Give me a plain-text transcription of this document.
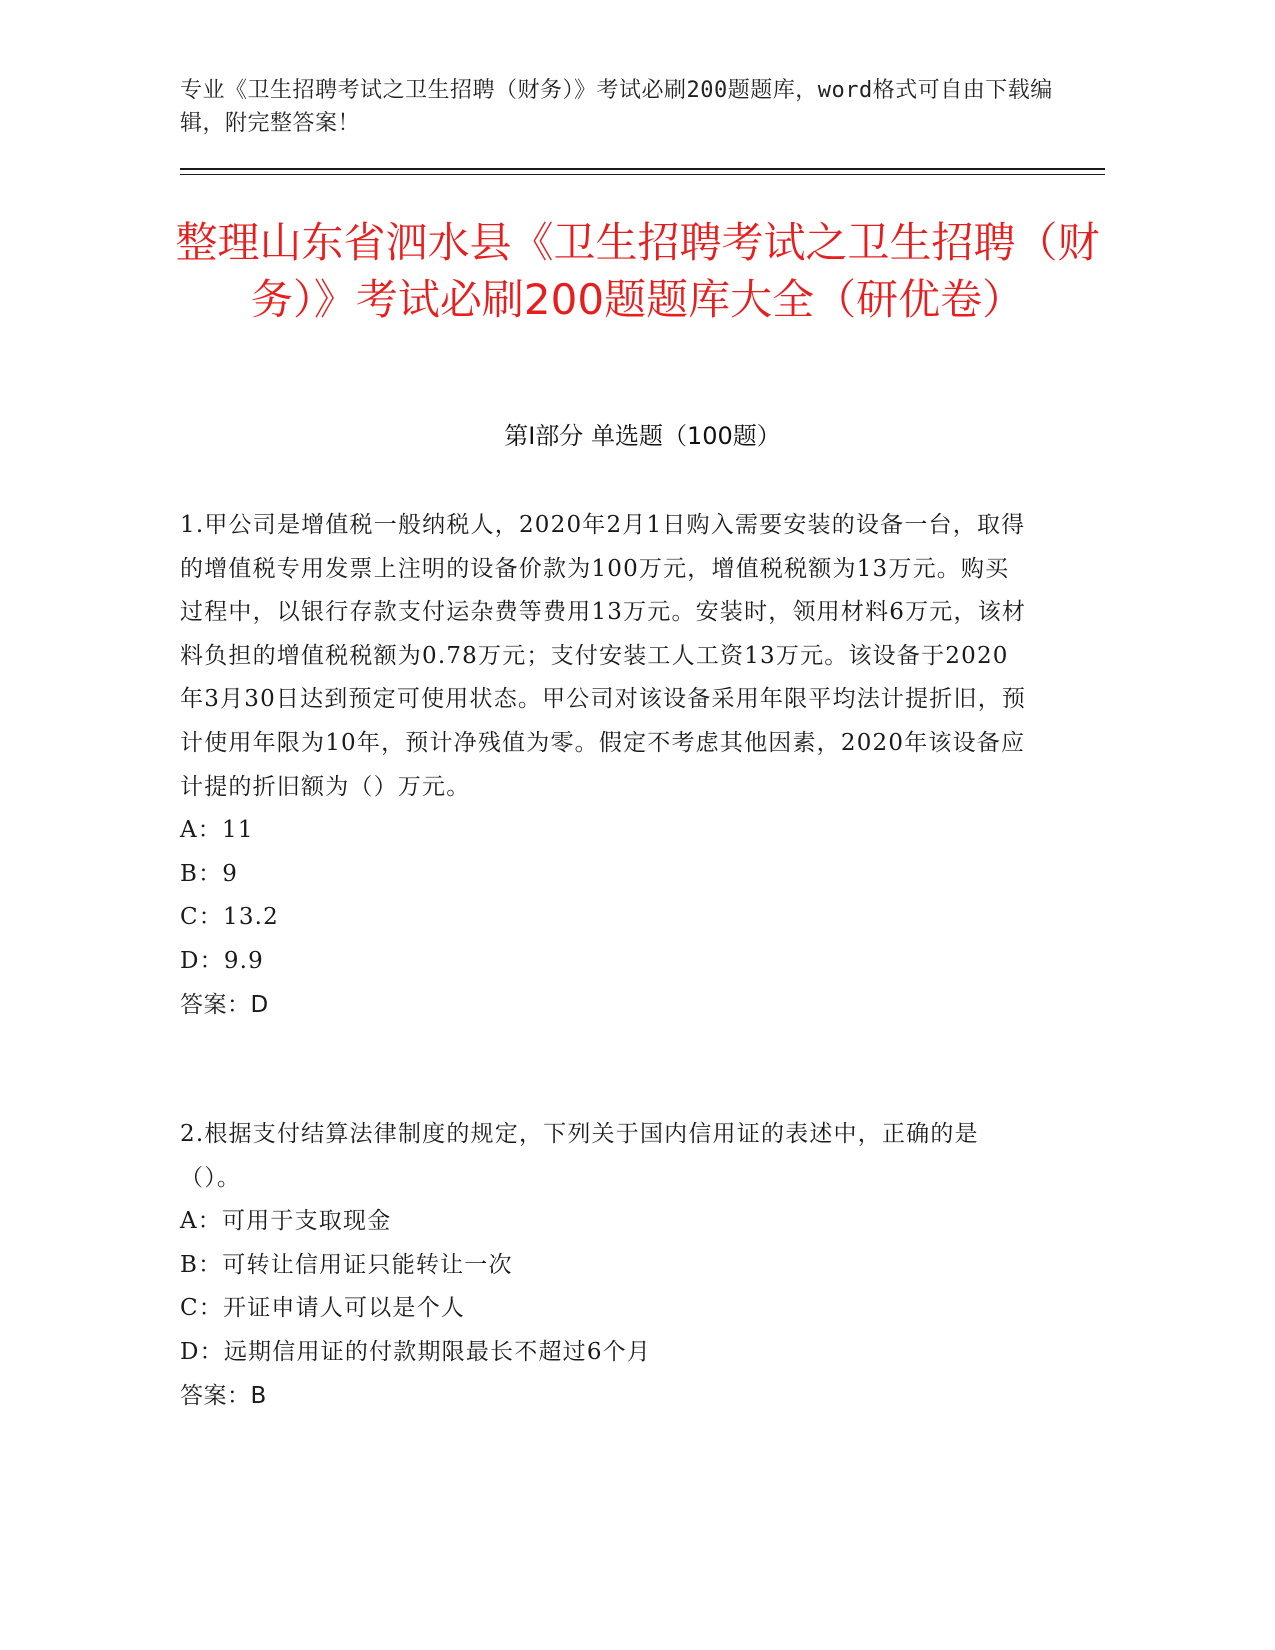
专业《卫生招聘考试之卫生招聘（财务）》考试必刷200题题库，word格式可自由下载编辑，附完整答案！
整理山东省泗水县《卫生招聘考试之卫生招聘（财务）》考试必刷200题题库大全（研优卷）
第Ⅰ部分 单选题（100题）

1.甲公司是增值税一般纳税人，2020年2月1日购入需要安装的设备一台，取得的增值税专用发票上注明的设备价款为100万元，增值税税额为13万元。购买过程中，以银行存款支付运杂费等费用13万元。安装时，领用材料6万元，该材料负担的增值税税额为0.78万元；支付安装工人工资13万元。该设备于2020年3月30日达到预定可使用状态。甲公司对该设备采用年限平均法计提折旧，预计使用年限为10年，预计净残值为零。假定不考虑其他因素，2020年该设备应计提的折旧额为（）万元。

A：11

B：9

C：13.2

D：9.9

答案：D

2.根据支付结算法律制度的规定，下列关于国内信用证的表述中，正确的是（）。

A：可用于支取现金

B：可转让信用证只能转让一次

C：开证申请人可以是个人

D：远期信用证的付款期限最长不超过6个月

答案：B
